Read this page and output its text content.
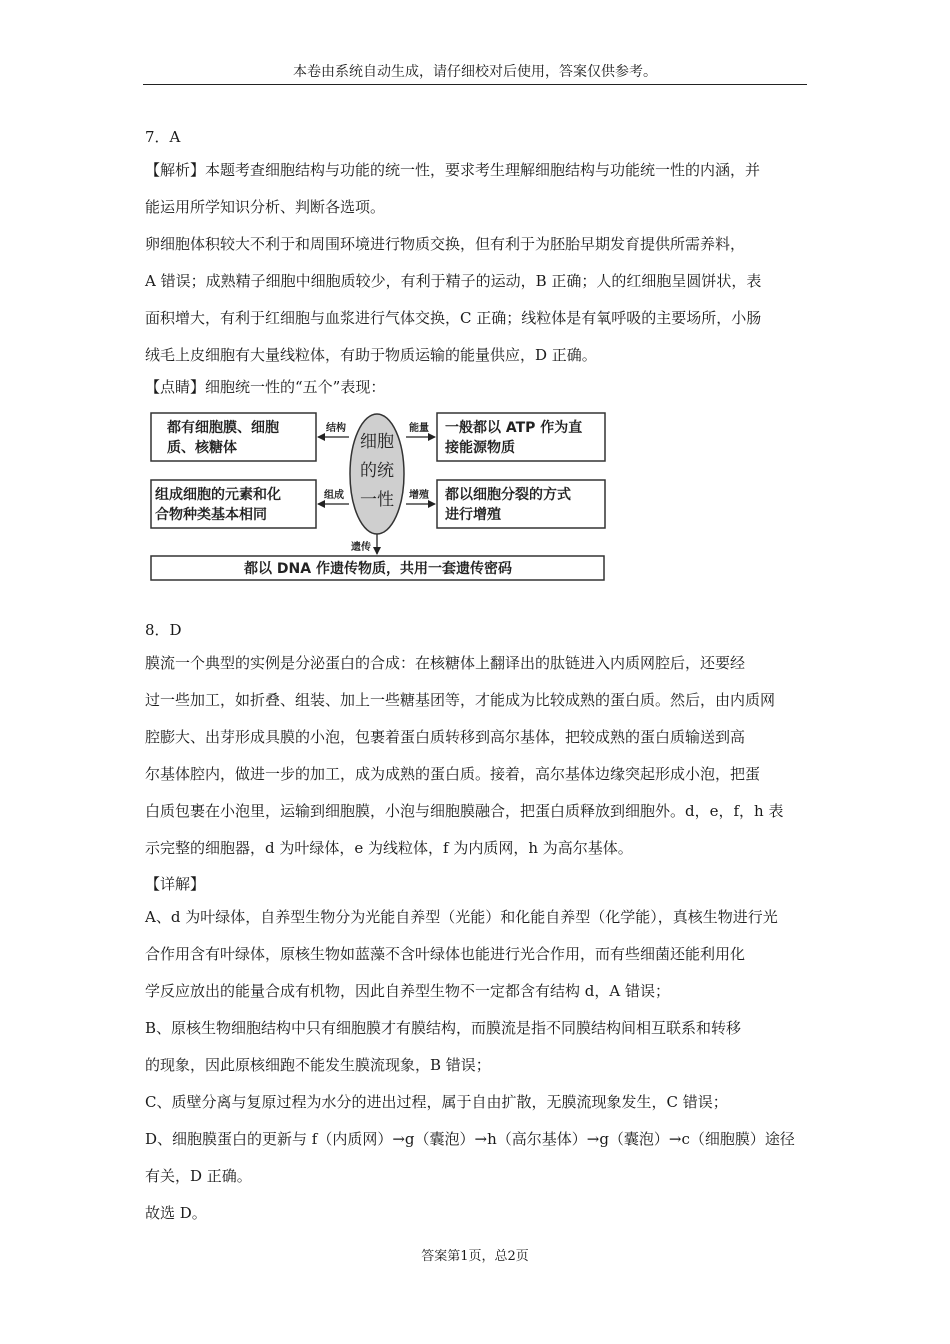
本卷由系统自动生成，请仔细校对后使用，答案仅供参考。
7．A
【解析】本题考查细胞结构与功能的统一性，要求考生理解细胞结构与功能统一性的内涵，并
能运用所学知识分析、判断各选项。
卵细胞体积较大不利于和周围环境进行物质交换，但有利于为胚胎早期发育提供所需养料，
A 错误；成熟精子细胞中细胞质较少，有利于精子的运动，B 正确；人的红细胞呈圆饼状，表
面积增大，有利于红细胞与血浆进行气体交换，C 正确；线粒体是有氧呼吸的主要场所，小肠
绒毛上皮细胞有大量线粒体，有助于物质运输的能量供应，D 正确。
【点睛】细胞统一性的“五个”表现：
细胞
的统
一性
结构	能量
组成	增殖
遗传
都有细胞膜、细胞
质、核糖体
一般都以 ATP 作为直
接能源物质
组成细胞的元素和化
合物种类基本相同
都以细胞分裂的方式
进行增殖
都以 DNA 作遗传物质，共用一套遗传密码
8．D
膜流一个典型的实例是分泌蛋白的合成：在核糖体上翻译出的肽链进入内质网腔后，还要经
过一些加工，如折叠、组装、加上一些糖基团等，才能成为比较成熟的蛋白质。然后，由内质网
腔膨大、出芽形成具膜的小泡，包裹着蛋白质转移到高尔基体，把较成熟的蛋白质输送到高
尔基体腔内，做进一步的加工，成为成熟的蛋白质。接着，高尔基体边缘突起形成小泡，把蛋
白质包裹在小泡里，运输到细胞膜，小泡与细胞膜融合，把蛋白质释放到细胞外。d，e，f，h 表
示完整的细胞器，d 为叶绿体，e 为线粒体，f 为内质网，h 为高尔基体。
【详解】
A、d 为叶绿体，自养型生物分为光能自养型（光能）和化能自养型（化学能），真核生物进行光
合作用含有叶绿体，原核生物如蓝藻不含叶绿体也能进行光合作用，而有些细菌还能利用化
学反应放出的能量合成有机物，因此自养型生物不一定都含有结构 d，A 错误；
B、原核生物细胞结构中只有细胞膜才有膜结构，而膜流是指不同膜结构间相互联系和转移
的现象，因此原核细跑不能发生膜流现象，B 错误；
C、质壁分离与复原过程为水分的进出过程，属于自由扩散，无膜流现象发生，C 错误；
D、细胞膜蛋白的更新与 f（内质网）→g（囊泡）→h（高尔基体）→g（囊泡）→c（细胞膜）途径
有关，D 正确。
故选 D。
答案第1页，总2页
